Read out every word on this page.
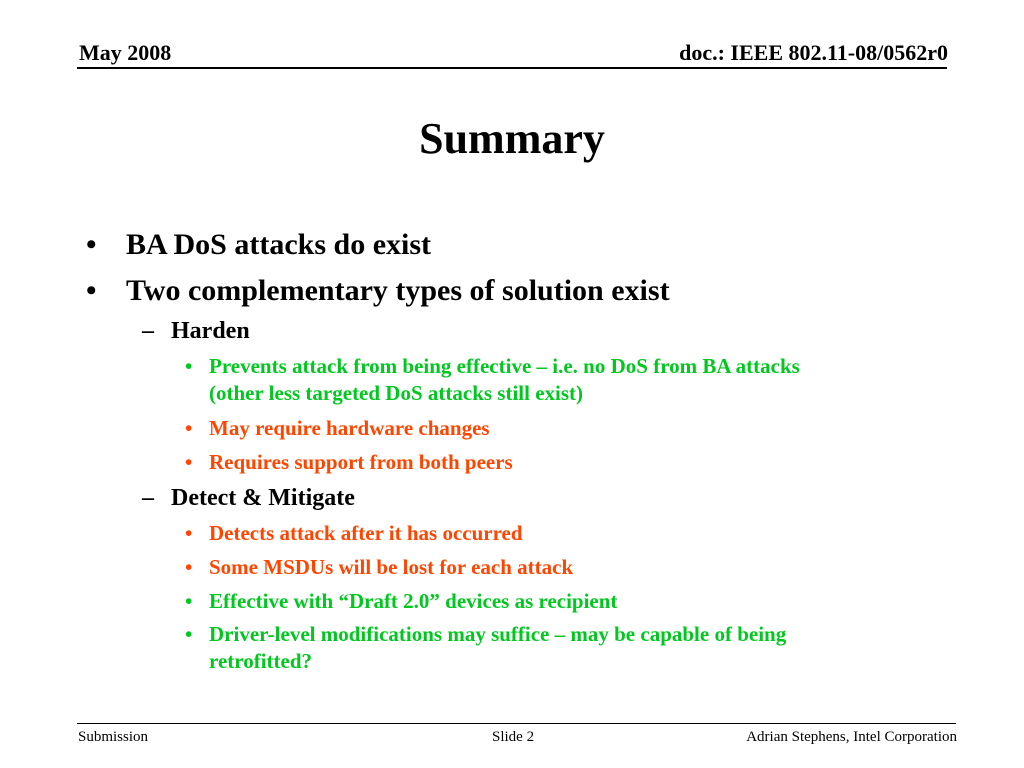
May 2008	doc.: IEEE 802.11-08/0562r0
Summary
• BA DoS attacks do exist
• Two complementary types of solution exist
– Harden
• Prevents attack from being effective – i.e. no DoS from BA attacks
(other less targeted DoS attacks still exist)
• May require hardware changes
• Requires support from both peers
– Detect & Mitigate
• Detects attack after it has occurred
• Some MSDUs will be lost for each attack
• Effective with “Draft 2.0” devices as recipient
• Driver-level modifications may suffice – may be capable of being
retrofitted?
Submission	Slide 2	Adrian Stephens, Intel Corporation
